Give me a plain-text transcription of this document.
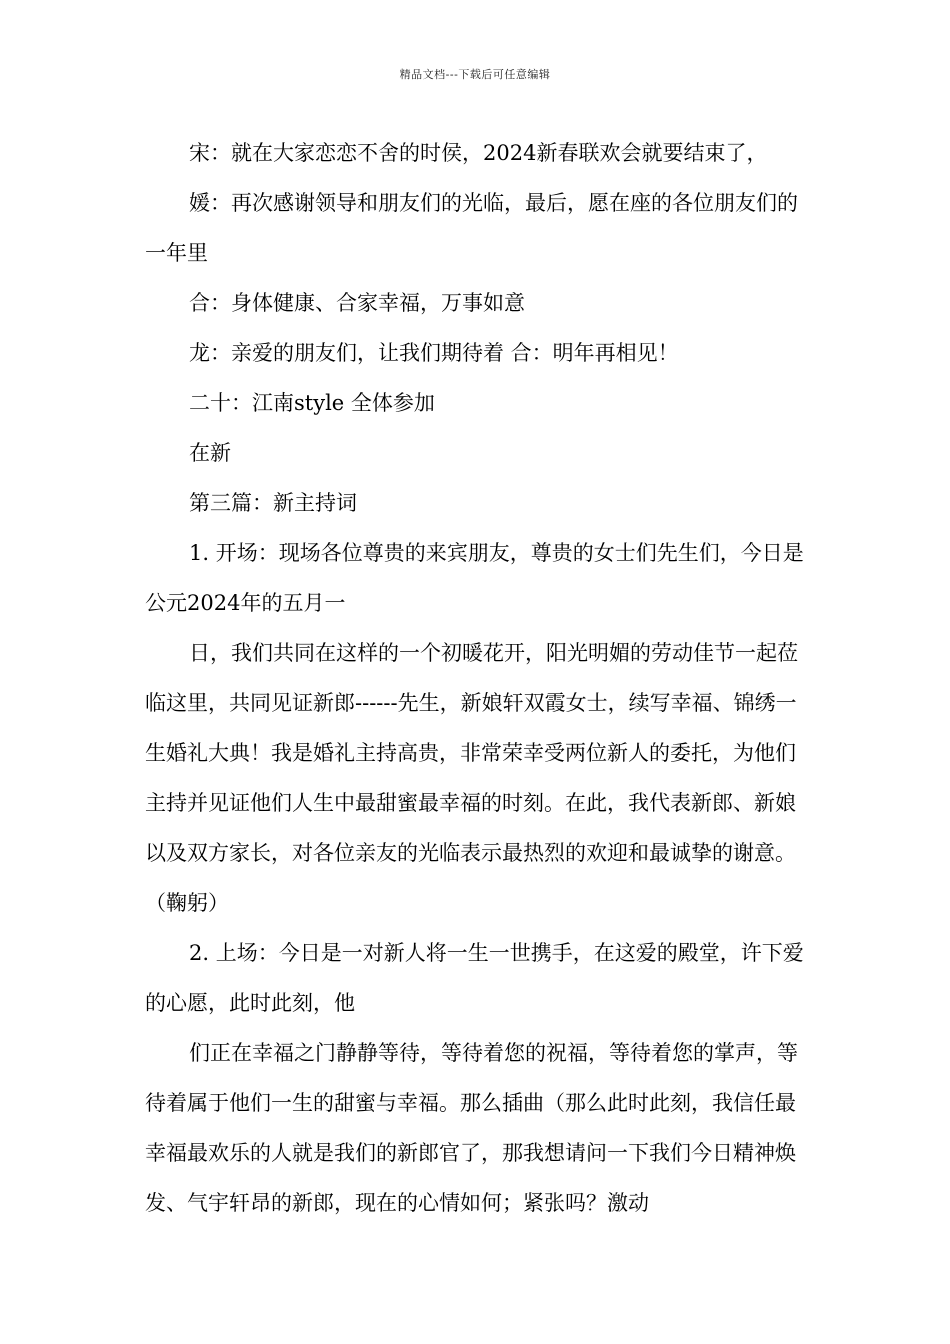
精品文档---下载后可任意编辑

宋：就在大家恋恋不舍的时侯，2024新春联欢会就要结束了，

媛：再次感谢领导和朋友们的光临，最后，愿在座的各位朋友们的一年里

合：身体健康、合家幸福，万事如意

龙：亲爱的朋友们，让我们期待着 合：明年再相见！

二十：江南style 全体参加

在新

第三篇：新主持词

1. 开场：现场各位尊贵的来宾朋友，尊贵的女士们先生们，今日是公元2024年的五月一

日，我们共同在这样的一个初暖花开，阳光明媚的劳动佳节一起莅临这里，共同见证新郎------先生，新娘轩双霞女士，续写幸福、锦绣一生婚礼大典！我是婚礼主持高贵，非常荣幸受两位新人的委托，为他们主持并见证他们人生中最甜蜜最幸福的时刻。在此，我代表新郎、新娘以及双方家长，对各位亲友的光临表示最热烈的欢迎和最诚挚的谢意。（鞠躬）

2. 上场：今日是一对新人将一生一世携手，在这爱的殿堂，许下爱的心愿，此时此刻，他

们正在幸福之门静静等待，等待着您的祝福，等待着您的掌声，等待着属于他们一生的甜蜜与幸福。那么插曲（那么此时此刻，我信任最幸福最欢乐的人就是我们的新郎官了，那我想请问一下我们今日精神焕发、气宇轩昂的新郎，现在的心情如何；紧张吗？激动
